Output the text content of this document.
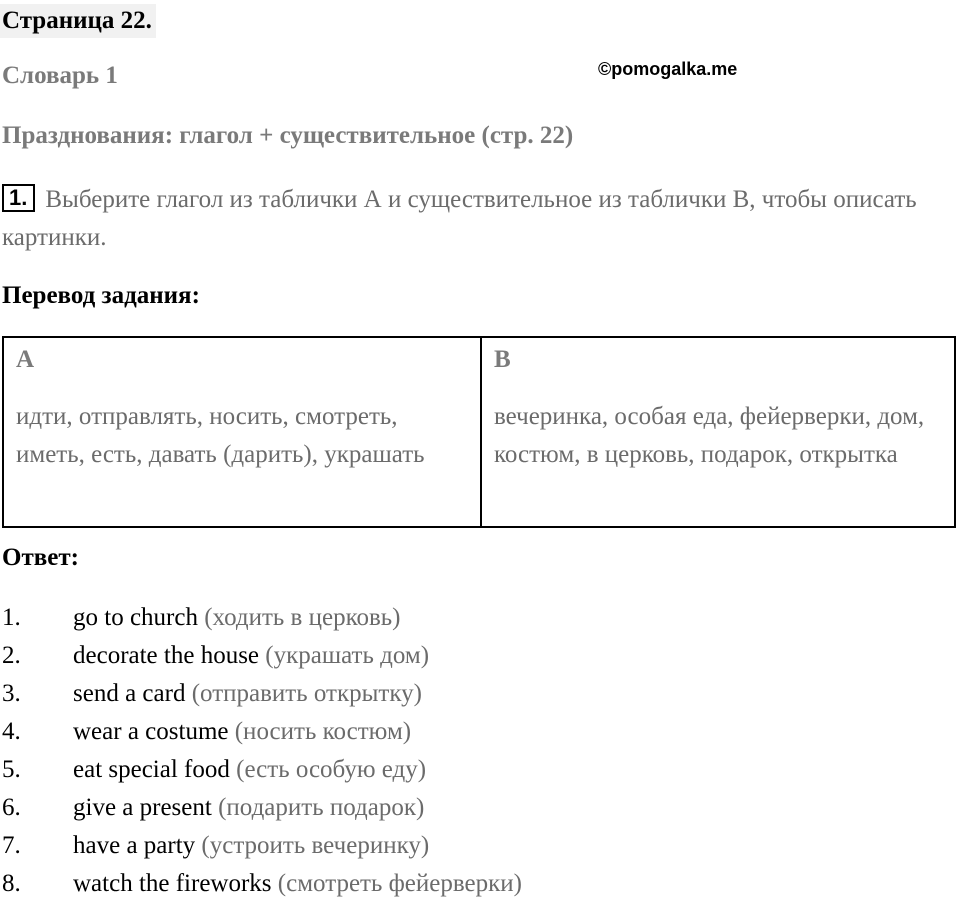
Страница 22.
©pomogalka.me
Словарь 1
Празднования: глагол + существительное (стр. 22)
1. Выберите глагол из таблички А и существительное из таблички B, чтобы описать картинки.
Перевод задания:
A
идти, отправлять, носить, смотреть, иметь, есть, давать (дарить), украшать
B
вечеринка, особая еда, фейерверки, дом, костюм, в церковь, подарок, открытка
Ответ:
1. go to church (ходить в церковь)
2. decorate the house (украшать дом)
3. send a card (отправить открытку)
4. wear a costume (носить костюм)
5. eat special food (есть особую еду)
6. give a present (подарить подарок)
7. have a party (устроить вечеринку)
8. watch the fireworks (смотреть фейерверки)
